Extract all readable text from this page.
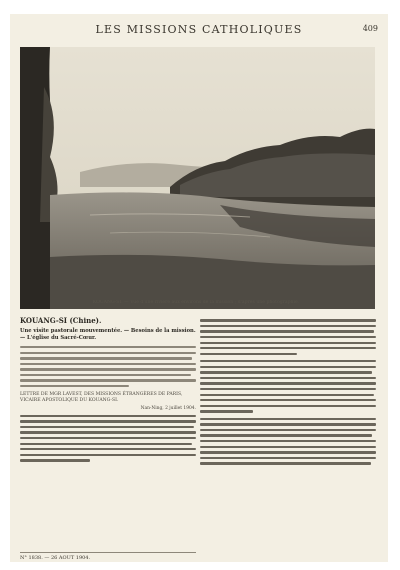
LES MISSIONS CATHOLIQUES	409
KOUANG-SI. — Vue d'une rivière aux environs de la mission ; d'après une photographie.
KOUANG-SI (Chine).
Une visite pastorale mouvementée. — Besoins de la mission. — L'église du Sacré-Cœur.
LETTRE DE MGR LAVEST, DES MISSIONS ÉTRANGÈRES DE PARIS, VICAIRE APOSTOLIQUE DU KOUANG-SI.
Nan-Ning, 2 juillet 1904.
N° 1838. — 26 AOUT 1904.
